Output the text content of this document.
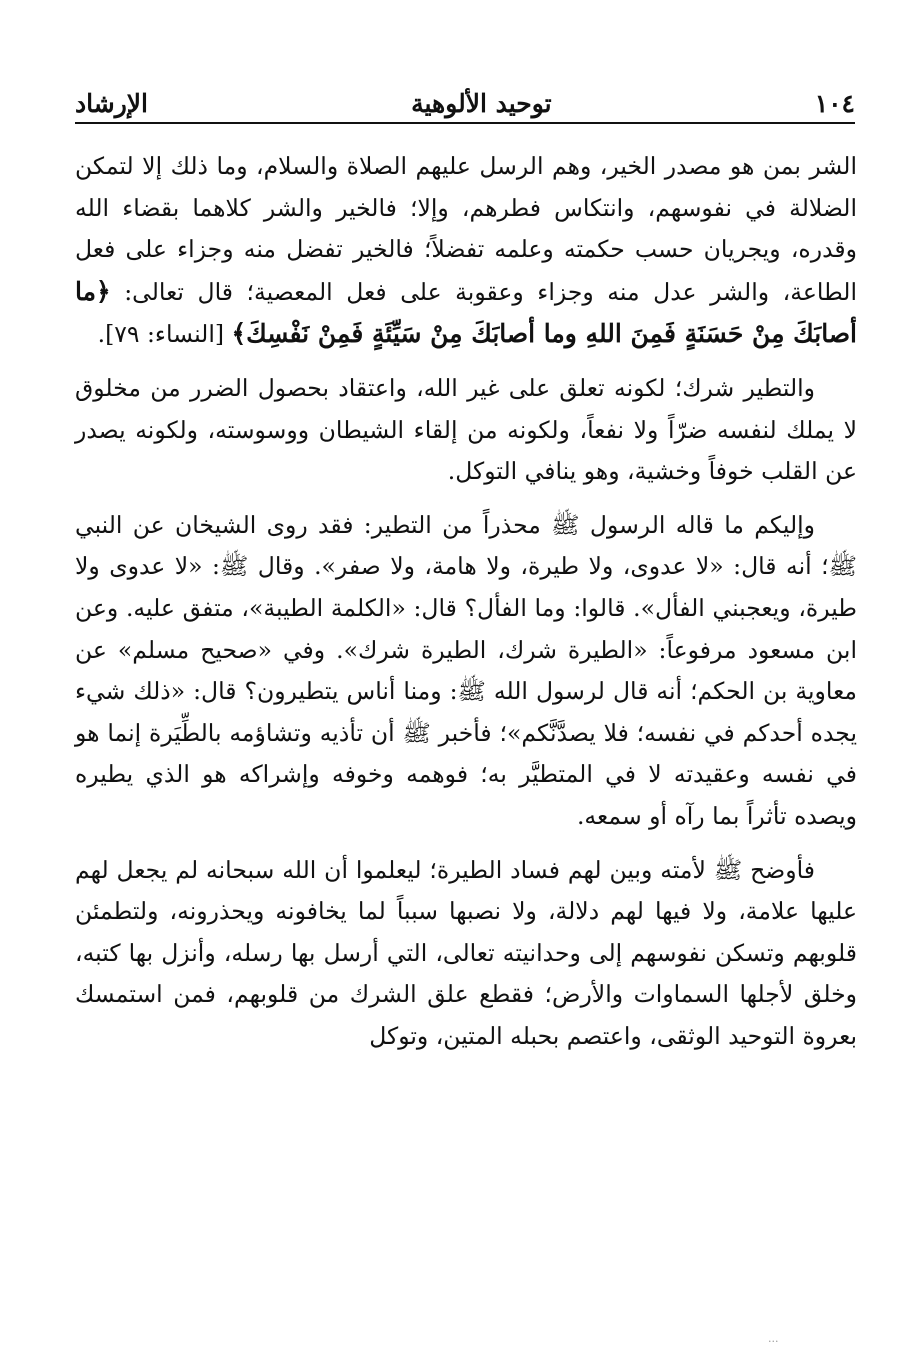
١٠٤
توحيد الألوهية
الإرشاد

الشر بمن هو مصدر الخير، وهم الرسل عليهم الصلاة والسلام، وما ذلك إلا لتمكن الضلالة في نفوسهم، وانتكاس فطرهم، وإلا؛ فالخير والشر كلاهما بقضاء الله وقدره، ويجريان حسب حكمته وعلمه تفضلاً؛ فالخير تفضل منه وجزاء على فعل الطاعة، والشر عدل منه وجزاء وعقوبة على فعل المعصية؛ قال تعالى: ﴿ما أصابَكَ مِنْ حَسَنَةٍ فَمِنَ اللهِ وما أصابَكَ مِنْ سَيِّئَةٍ فَمِنْ نَفْسِكَ﴾ [النساء: ٧٩].

والتطير شرك؛ لكونه تعلق على غير الله، واعتقاد بحصول الضرر من مخلوق لا يملك لنفسه ضرّاً ولا نفعاً، ولكونه من إلقاء الشيطان ووسوسته، ولكونه يصدر عن القلب خوفاً وخشية، وهو ينافي التوكل.

وإليكم ما قاله الرسول ﷺ محذراً من التطير: فقد روى الشيخان عن النبي ﷺ؛ أنه قال: «لا عدوى، ولا طيرة، ولا هامة، ولا صفر». وقال ﷺ: «لا عدوى ولا طيرة، ويعجبني الفأل». قالوا: وما الفأل؟ قال: «الكلمة الطيبة»، متفق عليه. وعن ابن مسعود مرفوعاً: «الطيرة شرك، الطيرة شرك». وفي «صحيح مسلم» عن معاوية بن الحكم؛ أنه قال لرسول الله ﷺ: ومنا أناس يتطيرون؟ قال: «ذلك شيء يجده أحدكم في نفسه؛ فلا يصدَّنَّكم»؛ فأخبر ﷺ أن تأذيه وتشاؤمه بالطِّيَرة إنما هو في نفسه وعقيدته لا في المتطيَّر به؛ فوهمه وخوفه وإشراكه هو الذي يطيره ويصده تأثراً بما رآه أو سمعه.

فأوضح ﷺ لأمته وبين لهم فساد الطيرة؛ ليعلموا أن الله سبحانه لم يجعل لهم عليها علامة، ولا فيها لهم دلالة، ولا نصبها سبباً لما يخافونه ويحذرونه، ولتطمئن قلوبهم وتسكن نفوسهم إلى وحدانيته تعالى، التي أرسل بها رسله، وأنزل بها كتبه، وخلق لأجلها السماوات والأرض؛ فقطع علق الشرك من قلوبهم، فمن استمسك بعروة التوحيد الوثقى، واعتصم بحبله المتين، وتوكل

...
